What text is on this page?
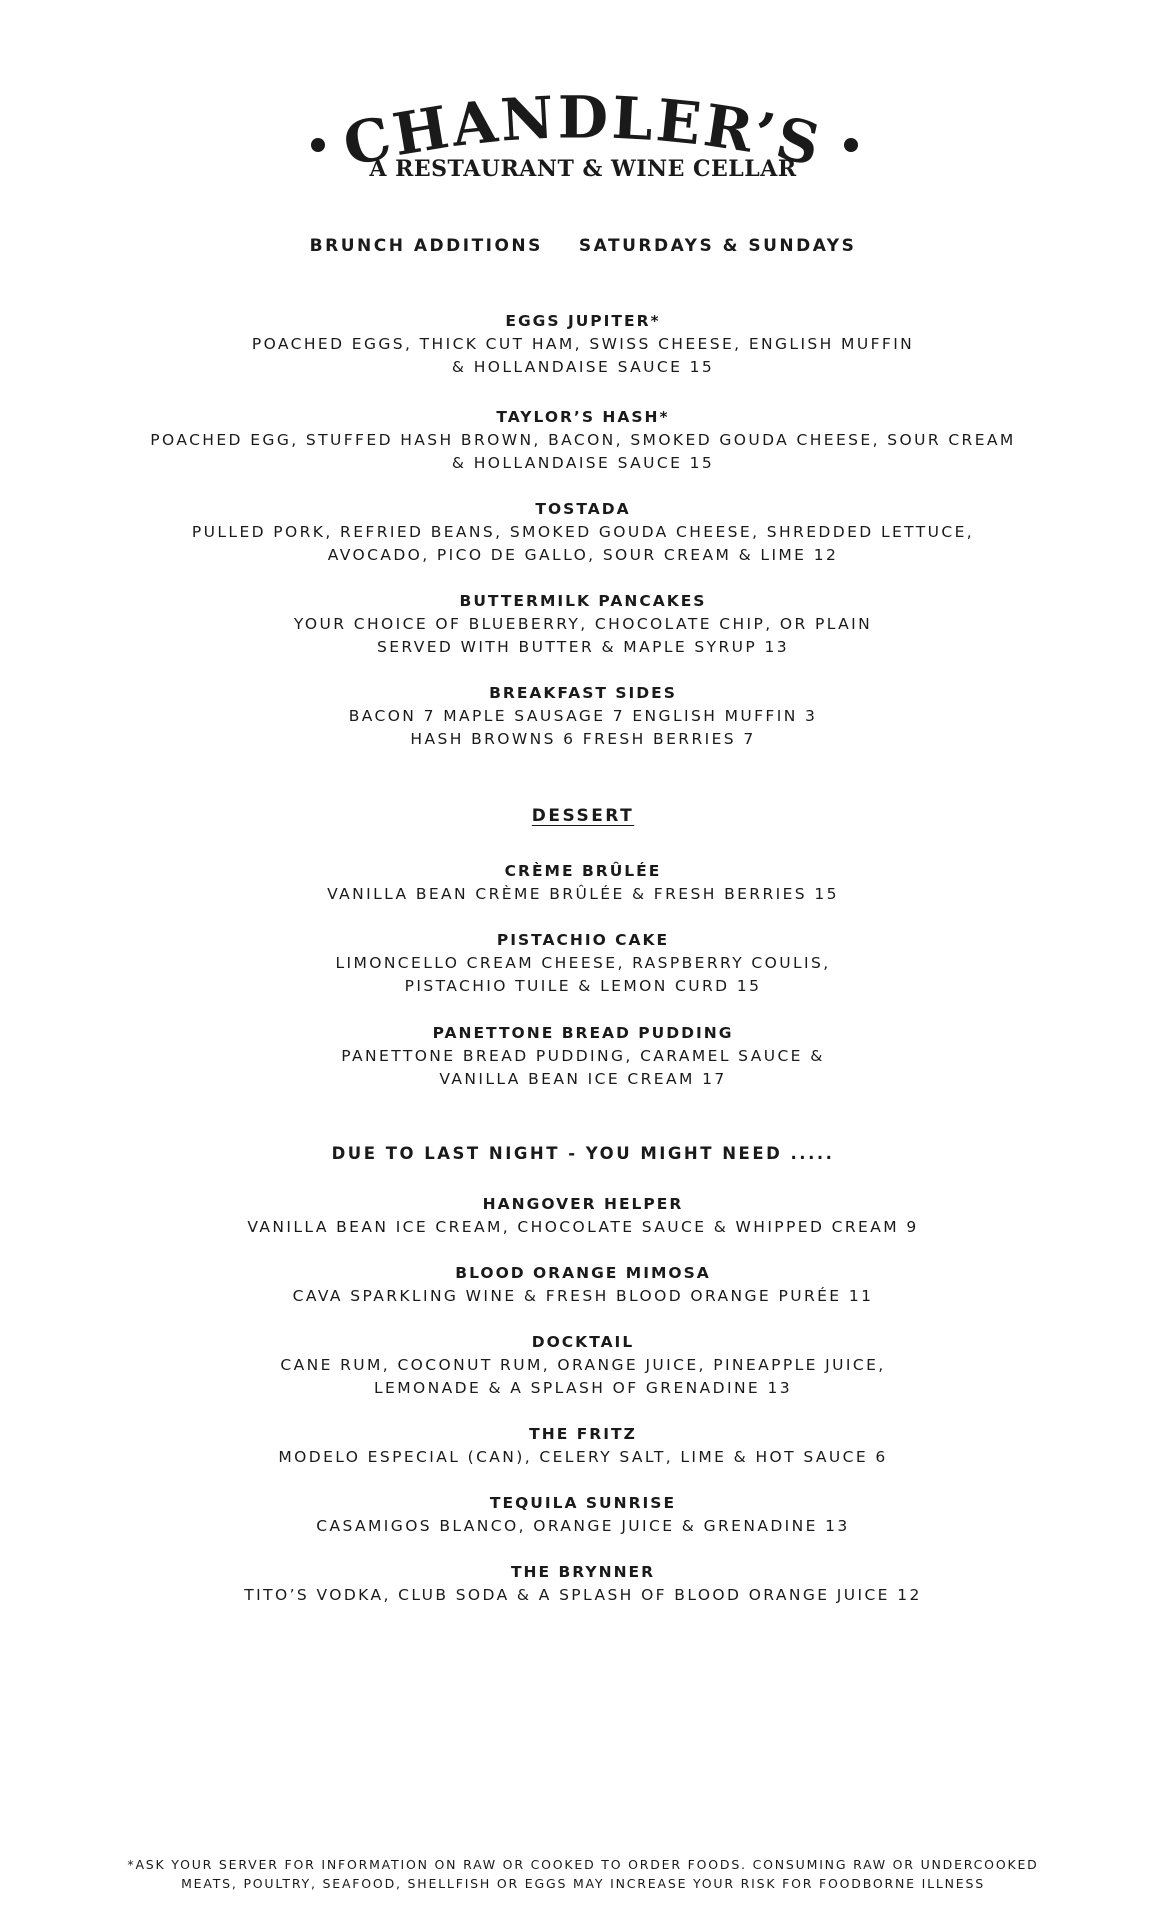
CHANDLER’S
A RESTAURANT & WINE CELLAR
BRUNCH ADDITIONS SATURDAYS & SUNDAYS
EGGS JUPITER*
POACHED EGGS, THICK CUT HAM, SWISS CHEESE, ENGLISH MUFFIN
& HOLLANDAISE SAUCE 15
TAYLOR’S HASH*
POACHED EGG, STUFFED HASH BROWN, BACON, SMOKED GOUDA CHEESE, SOUR CREAM
& HOLLANDAISE SAUCE 15
TOSTADA
PULLED PORK, REFRIED BEANS, SMOKED GOUDA CHEESE, SHREDDED LETTUCE,
AVOCADO, PICO DE GALLO, SOUR CREAM & LIME 12
BUTTERMILK PANCAKES
YOUR CHOICE OF BLUEBERRY, CHOCOLATE CHIP, OR PLAIN
SERVED WITH BUTTER & MAPLE SYRUP 13
BREAKFAST SIDES
BACON 7 MAPLE SAUSAGE 7 ENGLISH MUFFIN 3
HASH BROWNS 6 FRESH BERRIES 7
DESSERT
CRÈME BRÛLÉE
VANILLA BEAN CRÈME BRÛLÉE & FRESH BERRIES 15
PISTACHIO CAKE
LIMONCELLO CREAM CHEESE, RASPBERRY COULIS,
PISTACHIO TUILE & LEMON CURD 15
PANETTONE BREAD PUDDING
PANETTONE BREAD PUDDING, CARAMEL SAUCE &
VANILLA BEAN ICE CREAM 17
DUE TO LAST NIGHT - YOU MIGHT NEED .....
HANGOVER HELPER
VANILLA BEAN ICE CREAM, CHOCOLATE SAUCE & WHIPPED CREAM 9
BLOOD ORANGE MIMOSA
CAVA SPARKLING WINE & FRESH BLOOD ORANGE PURÉE 11
DOCKTAIL
CANE RUM, COCONUT RUM, ORANGE JUICE, PINEAPPLE JUICE,
LEMONADE & A SPLASH OF GRENADINE 13
THE FRITZ
MODELO ESPECIAL (CAN), CELERY SALT, LIME & HOT SAUCE 6
TEQUILA SUNRISE
CASAMIGOS BLANCO, ORANGE JUICE & GRENADINE 13
THE BRYNNER
TITO’S VODKA, CLUB SODA & A SPLASH OF BLOOD ORANGE JUICE 12
*ASK YOUR SERVER FOR INFORMATION ON RAW OR COOKED TO ORDER FOODS. CONSUMING RAW OR UNDERCOOKED
MEATS, POULTRY, SEAFOOD, SHELLFISH OR EGGS MAY INCREASE YOUR RISK FOR FOODBORNE ILLNESS
